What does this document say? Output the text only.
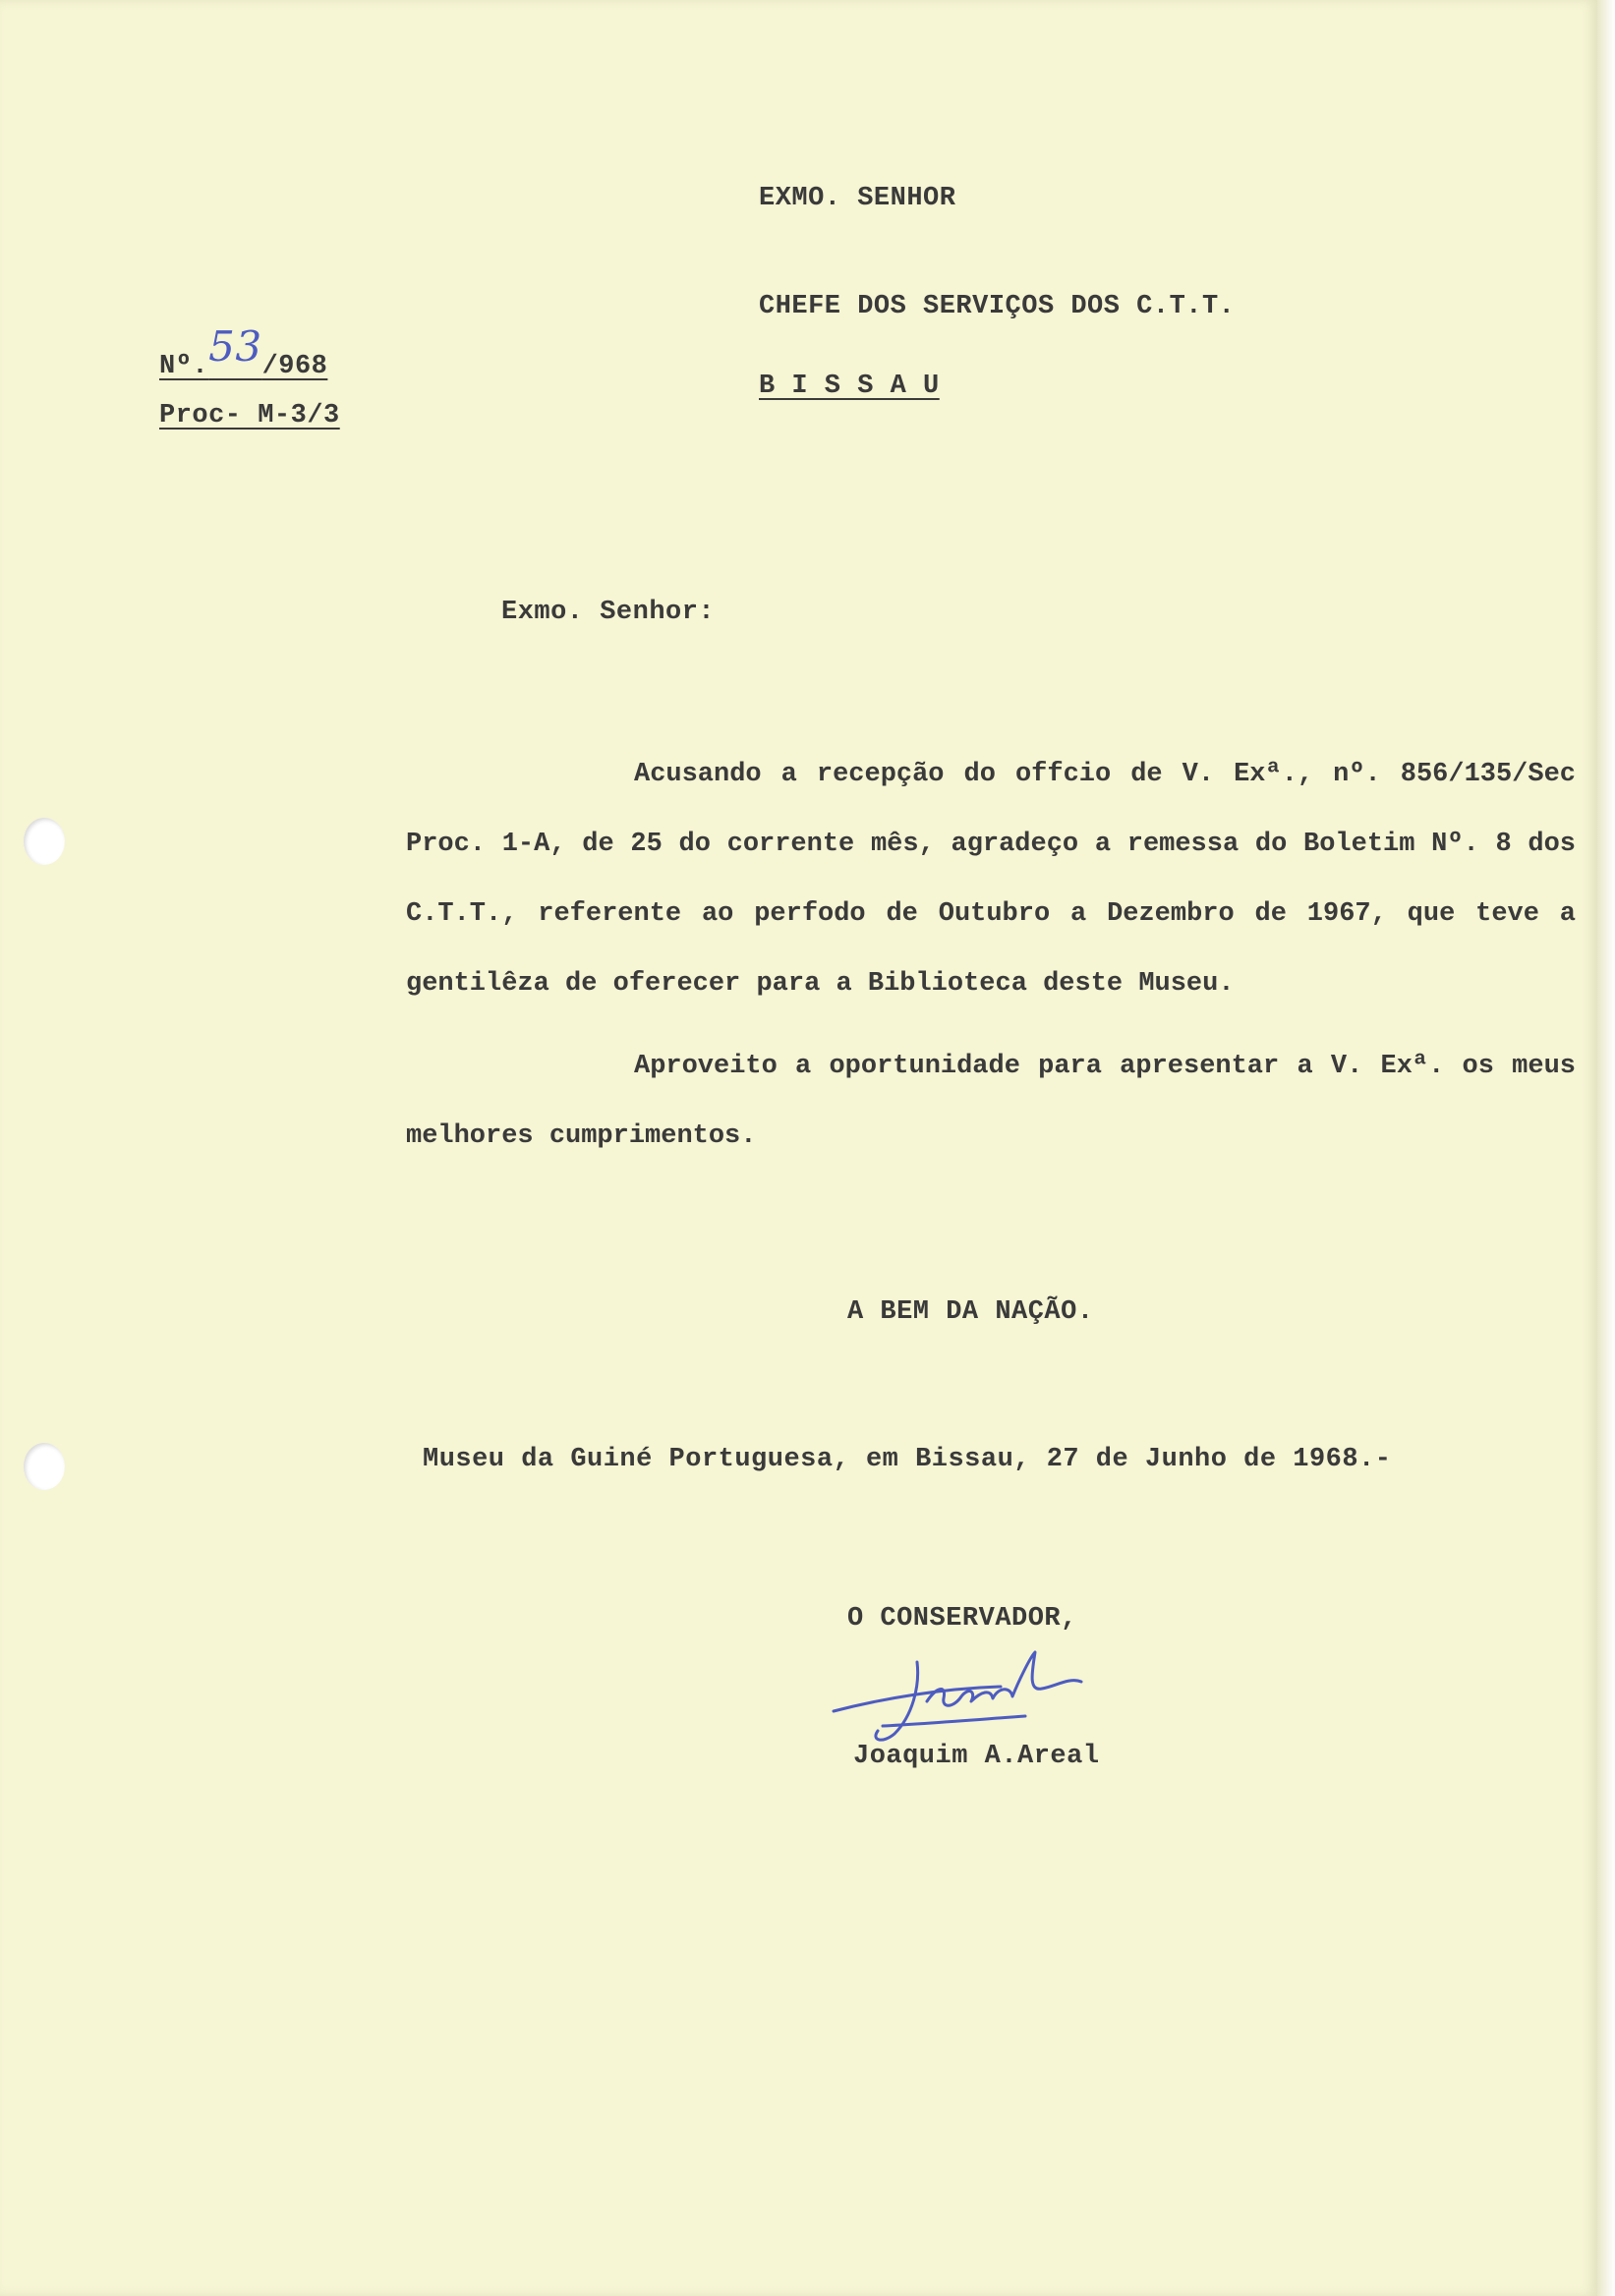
EXMO. SENHOR
CHEFE DOS SERVIÇOS DOS C.T.T.
Nº.53/968
B I S S A U
Proc- M-3/3
Exmo. Senhor:
Acusando a recepção do offcio de V. Exª., nº. 856/135/Sec Proc. 1-A, de 25 do corrente mês, agradeço a remessa do Boletim Nº. 8 dos C.T.T., referente ao perfodo de Outubro a Dezembro de 1967, que teve a gentilêza de oferecer para a Biblioteca deste Museu.
Aproveito a oportunidade para apresentar a V. Exª. os meus melhores cumprimentos.
A BEM DA NAÇÃO.
Museu da Guiné Portuguesa, em Bissau, 27 de Junho de 1968.-
O CONSERVADOR,
Joaquim A.Areal
